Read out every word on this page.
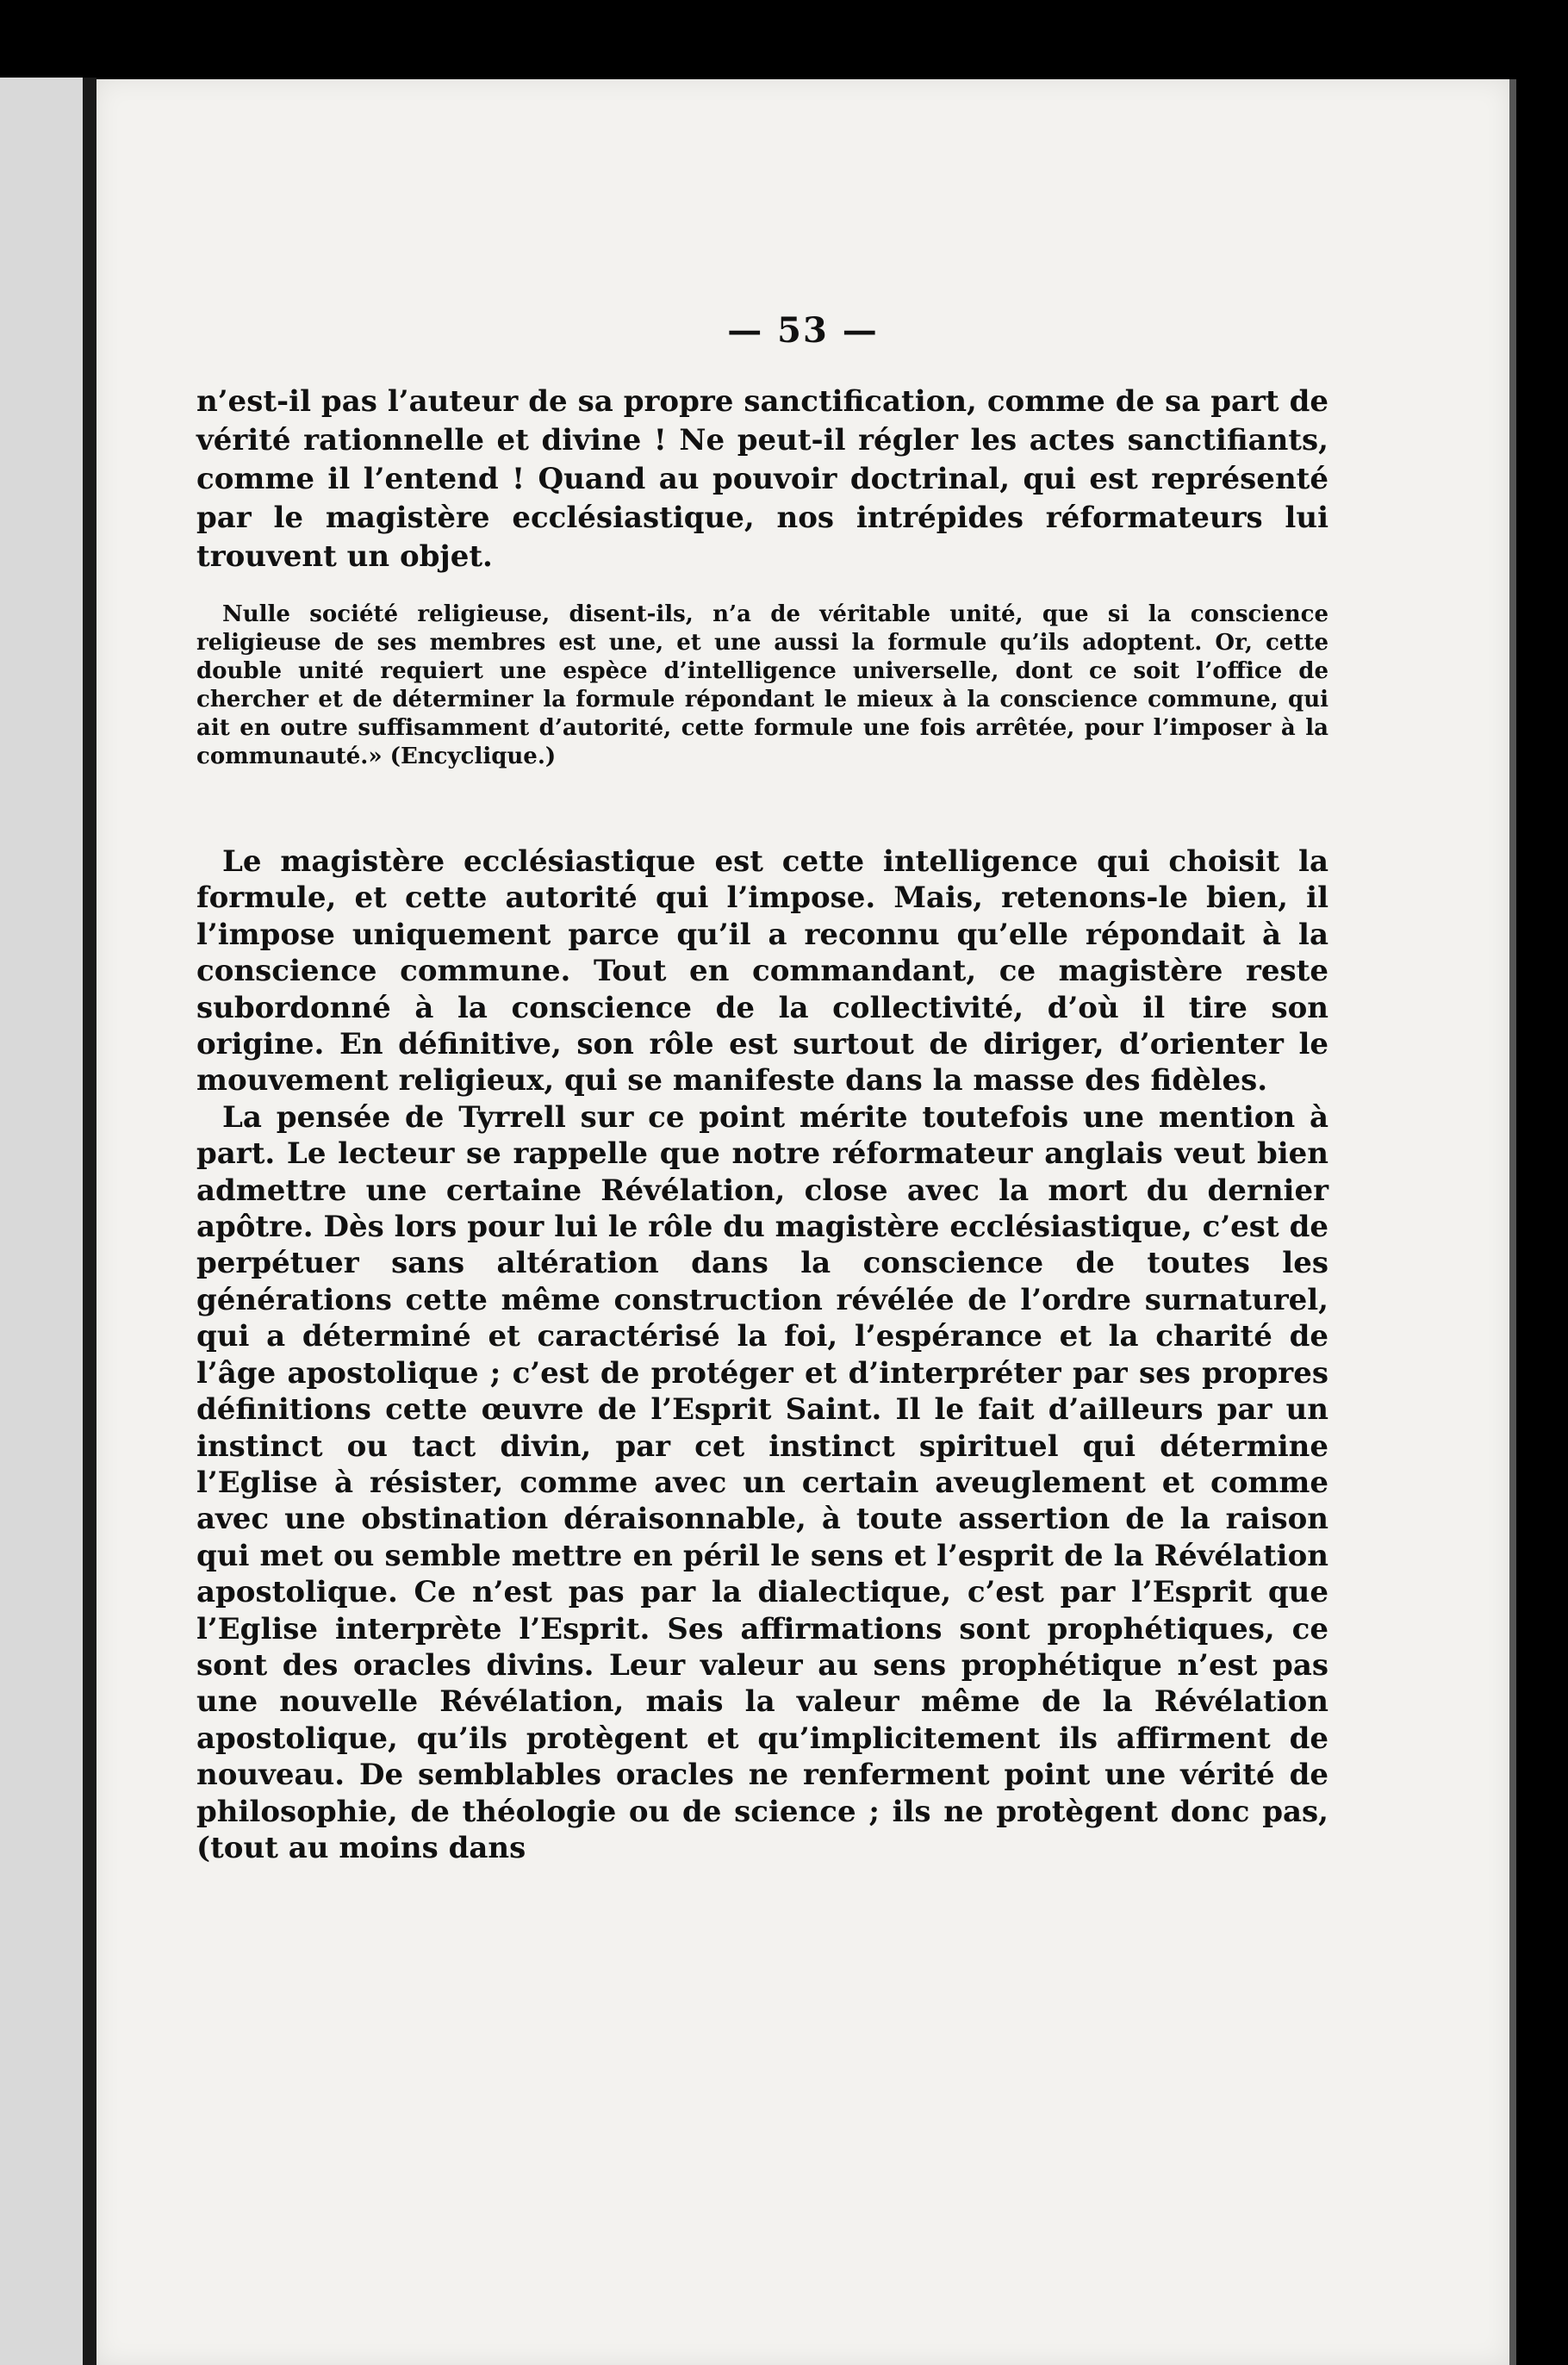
— 53 —

n’est-il pas l’auteur de sa propre sanctification, comme de sa part de vérité rationnelle et divine ! Ne peut-il régler les actes sanctifiants, comme il l’entend ! Quand au pouvoir doctrinal, qui est représenté par le magistère ecclésiastique, nos intrépides réformateurs lui trouvent un objet.

Nulle société religieuse, disent-ils, n’a de véritable unité, que si la conscience religieuse de ses membres est une, et une aussi la formule qu’ils adoptent. Or, cette double unité requiert une espèce d’intelligence universelle, dont ce soit l’office de chercher et de déterminer la formule répondant le mieux à la conscience commune, qui ait en outre suffisamment d’autorité, cette formule une fois arrêtée, pour l’imposer à la communauté.» (Encyclique.)

Le magistère ecclésiastique est cette intelligence qui choisit la formule, et cette autorité qui l’impose. Mais, retenons-le bien, il l’impose uniquement parce qu’il a reconnu qu’elle répondait à la conscience commune. Tout en commandant, ce magistère reste subordonné à la conscience de la collectivité, d’où il tire son origine. En définitive, son rôle est surtout de diriger, d’orienter le mouvement religieux, qui se manifeste dans la masse des fidèles.

La pensée de Tyrrell sur ce point mérite toutefois une mention à part. Le lecteur se rappelle que notre réformateur anglais veut bien admettre une certaine Révélation, close avec la mort du dernier apôtre. Dès lors pour lui le rôle du magistère ecclésiastique, c’est de perpétuer sans altération dans la conscience de toutes les générations cette même construction révélée de l’ordre surnaturel, qui a déterminé et caractérisé la foi, l’espérance et la charité de l’âge apostolique ; c’est de protéger et d’interpréter par ses propres définitions cette œuvre de l’Esprit Saint. Il le fait d’ailleurs par un instinct ou tact divin, par cet instinct spirituel qui détermine l’Eglise à résister, comme avec un certain aveuglement et comme avec une obstination déraisonnable, à toute assertion de la raison qui met ou semble mettre en péril le sens et l’esprit de la Révélation apostolique. Ce n’est pas par la dialectique, c’est par l’Esprit que l’Eglise interprète l’Esprit. Ses affirmations sont prophétiques, ce sont des oracles divins. Leur valeur au sens prophétique n’est pas une nouvelle Révélation, mais la valeur même de la Révélation apostolique, qu’ils protègent et qu’implicitement ils affirment de nouveau. De semblables oracles ne renferment point une vérité de philosophie, de théologie ou de science ; ils ne protègent donc pas, (tout au moins dans
